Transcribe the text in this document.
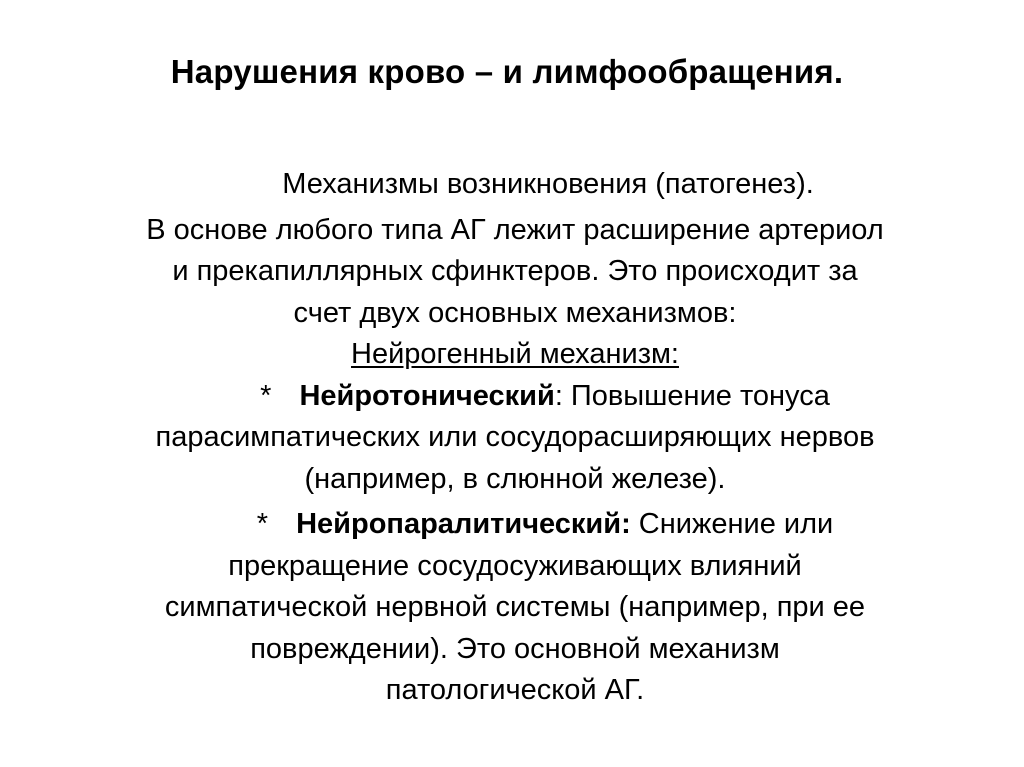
Нарушения крово – и лимфообращения.
Механизмы возникновения (патогенез).
В основе любого типа АГ лежит расширение артериол
и прекапиллярных сфинктеров. Это происходит за
счет двух основных механизмов:
Нейрогенный механизм:
* Нейротонический: Повышение тонуса
парасимпатических или сосудорасширяющих нервов
(например, в слюнной железе).
* Нейропаралитический: Снижение или
прекращение сосудосуживающих влияний
симпатической нервной системы (например, при ее
повреждении). Это основной механизм
патологической АГ.
